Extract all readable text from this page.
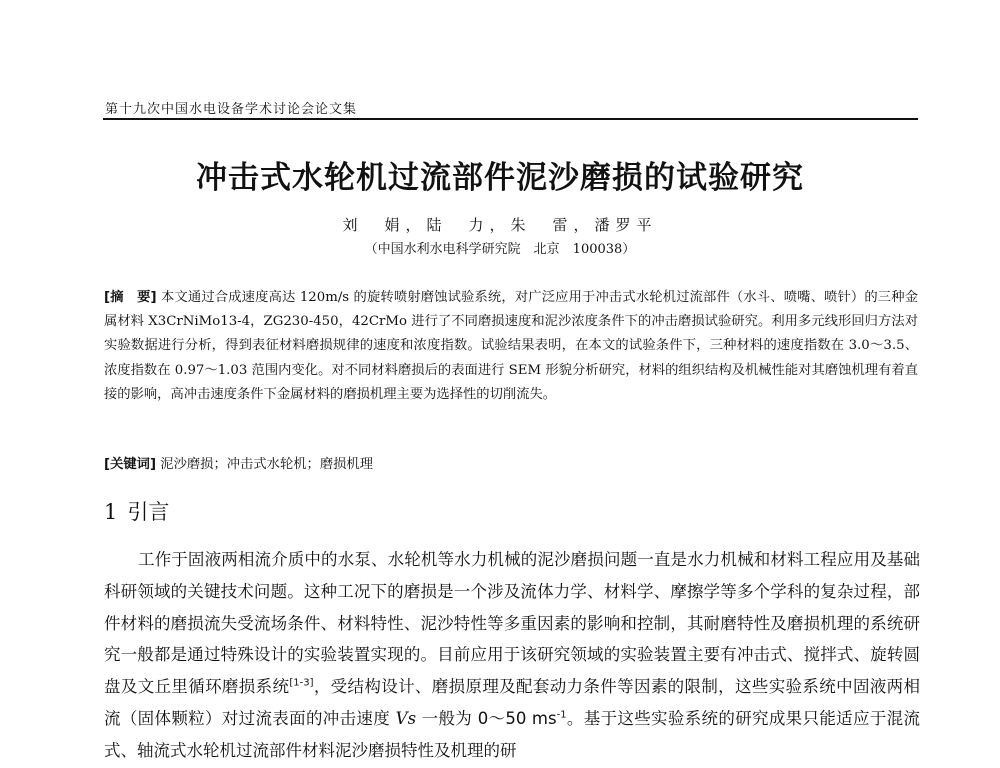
第十九次中国水电设备学术讨论会论文集
冲击式水轮机过流部件泥沙磨损的试验研究
刘　娟，陆　力，朱　雷，潘罗平
（中国水利水电科学研究院　北京　100038）

[摘　要] 本文通过合成速度高达 120m/s 的旋转喷射磨蚀试验系统，对广泛应用于冲击式水轮机过流部件（水斗、喷嘴、喷针）的三种金属材料 X3CrNiMo13-4，ZG230-450，42CrMo 进行了不同磨损速度和泥沙浓度条件下的冲击磨损试验研究。利用多元线形回归方法对实验数据进行分析，得到表征材料磨损规律的速度和浓度指数。试验结果表明，在本文的试验条件下，三种材料的速度指数在 3.0～3.5、浓度指数在 0.97～1.03 范围内变化。对不同材料磨损后的表面进行 SEM 形貌分析研究，材料的组织结构及机械性能对其磨蚀机理有着直接的影响，高冲击速度条件下金属材料的磨损机理主要为选择性的切削流失。

[关键词] 泥沙磨损；冲击式水轮机；磨损机理

1 引言

工作于固液两相流介质中的水泵、水轮机等水力机械的泥沙磨损问题一直是水力机械和材料工程应用及基础科研领域的关键技术问题。这种工况下的磨损是一个涉及流体力学、材料学、摩擦学等多个学科的复杂过程，部件材料的磨损流失受流场条件、材料特性、泥沙特性等多重因素的影响和控制，其耐磨特性及磨损机理的系统研究一般都是通过特殊设计的实验装置实现的。目前应用于该研究领域的实验装置主要有冲击式、搅拌式、旋转圆盘及文丘里循环磨损系统[1-3]，受结构设计、磨损原理及配套动力条件等因素的限制，这些实验系统中固液两相流（固体颗粒）对过流表面的冲击速度 Vs 一般为 0～50 $ms^{-1}$。基于这些实验系统的研究成果只能适应于混流式、轴流式水轮机过流部件材料泥沙磨损特性及机理的研
